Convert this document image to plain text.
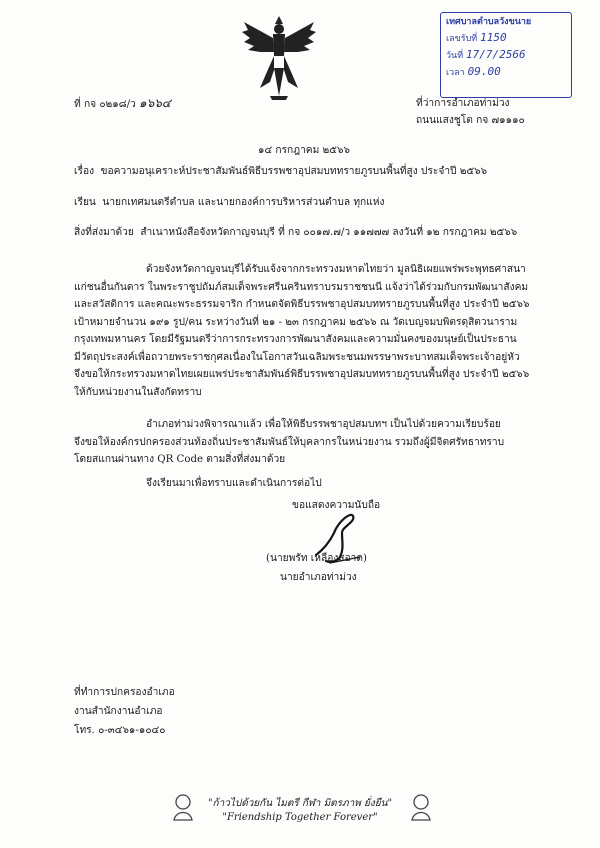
เทศบาลตำบลวังขนาย
เลขรับที่ 1150
วันที่ 17/7/2566
เวลา 09.00
ที่ กจ ๐๒๑๘/ว ๑๖๖๔	ที่ว่าการอำเภอท่าม่วง
ถนนแสงชูโต กจ ๗๑๑๑๐
๑๔ กรกฎาคม ๒๕๖๖
เรื่อง ขอความอนุเคราะห์ประชาสัมพันธ์พิธีบรรพชาอุปสมบททรายภูรบนพื้นที่สูง ประจำปี ๒๕๖๖
เรียน นายกเทศมนตรีตำบล และนายกองค์การบริหารส่วนตำบล ทุกแห่ง
สิ่งที่ส่งมาด้วย สำเนาหนังสือจังหวัดกาญจนบุรี ที่ กจ ๐๐๑๗.๗/ว ๑๑๗๗๗ ลงวันที่ ๑๒ กรกฎาคม ๒๕๖๖
ด้วยจังหวัดกาญจนบุรีได้รับแจ้งจากกระทรวงมหาดไทยว่า มูลนิธิเผยแพร่พระพุทธศาสนา
แก่ชนอื่นกันดาร ในพระราชูปถัมภ์สมเด็จพระศรีนครินทราบรมราชชนนี แจ้งว่าได้ร่วมกับกรมพัฒนาสังคม
และสวัสดิการ และคณะพระธรรมจาริก กำหนดจัดพิธีบรรพชาอุปสมบททรายภูรบนพื้นที่สูง ประจำปี ๒๕๖๖
เป้าหมายจำนวน ๑๙๑ รูป/คน ระหว่างวันที่ ๒๑ - ๒๓ กรกฎาคม ๒๕๖๖ ณ วัดเบญจมบพิตรดุสิตวนาราม
กรุงเทพมหานคร โดยมีรัฐมนตรีว่าการกระทรวงการพัฒนาสังคมและความมั่นคงของมนุษย์เป็นประธาน
มีวัตถุประสงค์เพื่อถวายพระราชกุศลเนื่องในโอกาสวันเฉลิมพระชนมพรรษาพระบาทสมเด็จพระเจ้าอยู่หัว
จึงขอให้กระทรวงมหาดไทยเผยแพร่ประชาสัมพันธ์พิธีบรรพชาอุปสมบททรายภูรบนพื้นที่สูง ประจำปี ๒๕๖๖
ให้กับหน่วยงานในสังกัดทราบ
อำเภอท่าม่วงพิจารณาแล้ว เพื่อให้พิธีบรรพชาอุปสมบทฯ เป็นไปด้วยความเรียบร้อย
จึงขอให้องค์กรปกครองส่วนท้องถิ่นประชาสัมพันธ์ให้บุคลากรในหน่วยงาน รวมถึงผู้มีจิตศรัทธาทราบ
โดยสแกนผ่านทาง QR Code ตามสิ่งที่ส่งมาด้วย
จึงเรียนมาเพื่อทราบและดำเนินการต่อไป
ขอแสดงความนับถือ
(นายพรัท เหลืองสอาด)
นายอำเภอท่าม่วง
ที่ทำการปกครองอำเภอ
งานสำนักงานอำเภอ
โทร. ๐-๓๔๖๑-๑๐๔๐
"ก้าวไปด้วยกัน ไมตรี กีฬา มิตรภาพ ยั่งยืน"
"Friendship Together Forever"
